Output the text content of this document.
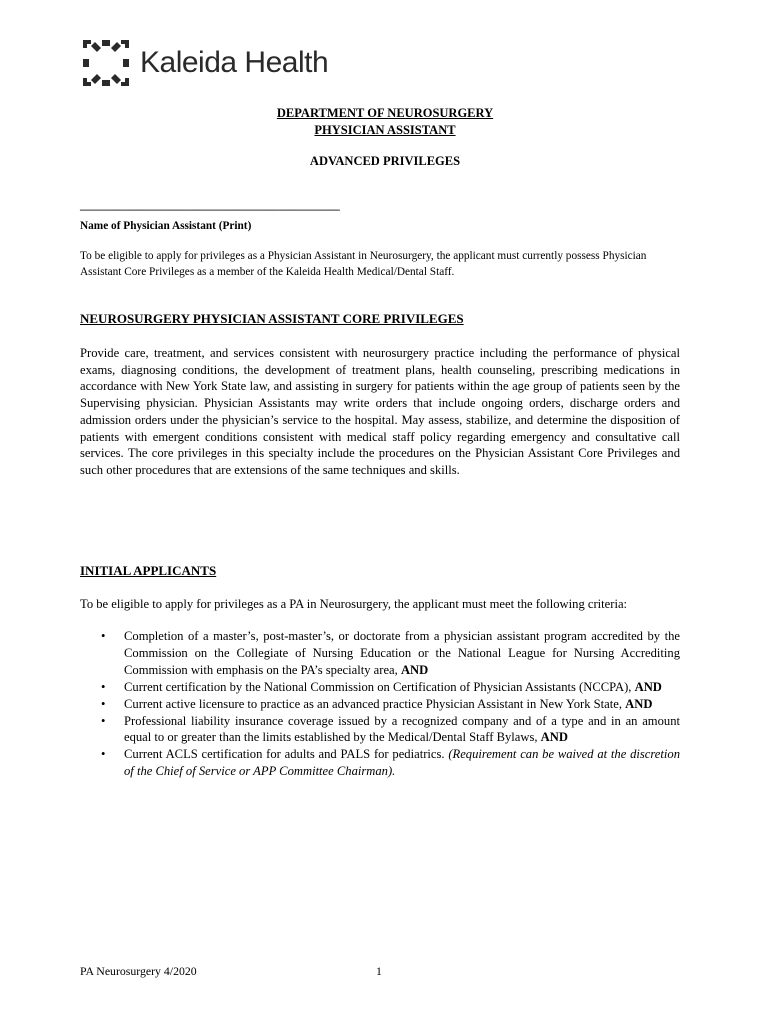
Kaleida Health
DEPARTMENT OF NEUROSURGERY
PHYSICIAN ASSISTANT
ADVANCED PRIVILEGES
______________________________________________
Name of Physician Assistant (Print)
To be eligible to apply for privileges as a Physician Assistant in Neurosurgery, the applicant must currently possess Physician Assistant Core Privileges as a member of the Kaleida Health Medical/Dental Staff.
NEUROSURGERY PHYSICIAN ASSISTANT CORE PRIVILEGES
Provide care, treatment, and services consistent with neurosurgery practice including the performance of physical exams, diagnosing conditions, the development of treatment plans, health counseling, prescribing medications in accordance with New York State law, and assisting in surgery for patients within the age group of patients seen by the Supervising physician. Physician Assistants may write orders that include ongoing orders, discharge orders and admission orders under the physician’s service to the hospital. May assess, stabilize, and determine the disposition of patients with emergent conditions consistent with medical staff policy regarding emergency and consultative call services. The core privileges in this specialty include the procedures on the Physician Assistant Core Privileges and such other procedures that are extensions of the same techniques and skills.
INITIAL APPLICANTS
To be eligible to apply for privileges as a PA in Neurosurgery, the applicant must meet the following criteria:
• Completion of a master’s, post-master’s, or doctorate from a physician assistant program accredited by the Commission on the Collegiate of Nursing Education or the National League for Nursing Accrediting Commission with emphasis on the PA’s specialty area, AND
• Current certification by the National Commission on Certification of Physician Assistants (NCCPA), AND
• Current active licensure to practice as an advanced practice Physician Assistant in New York State, AND
• Professional liability insurance coverage issued by a recognized company and of a type and in an amount equal to or greater than the limits established by the Medical/Dental Staff Bylaws, AND
• Current ACLS certification for adults and PALS for pediatrics. (Requirement can be waived at the discretion of the Chief of Service or APP Committee Chairman).
PA Neurosurgery 4/2020	1
